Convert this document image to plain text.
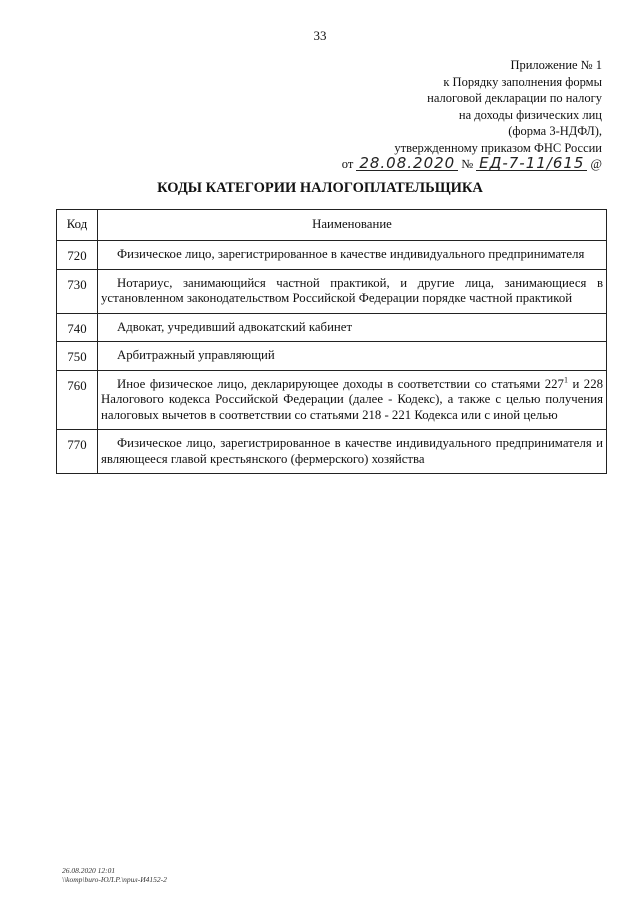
33
Приложение № 1
к Порядку заполнения формы
налоговой декларации по налогу
на доходы физических лиц
(форма 3-НДФЛ),
утвержденному приказом ФНС России
от 28.08.2020 № ЕД-7-11/615 @
КОДЫ КАТЕГОРИИ НАЛОГОПЛАТЕЛЬЩИКА
Код	Наименование
720	Физическое лицо, зарегистрированное в качестве индивидуального предпринимателя
730	Нотариус, занимающийся частной практикой, и другие лица, занимающиеся в установленном законодательством Российской Федерации порядке частной практикой
740	Адвокат, учредивший адвокатский кабинет
750	Арбитражный управляющий
760	Иное физическое лицо, декларирующее доходы в соответствии со статьями $227^1$ и 228 Налогового кодекса Российской Федерации (далее - Кодекс), а также с целью получения налоговых вычетов в соответствии со статьями 218 - 221 Кодекса или с иной целью
770	Физическое лицо, зарегистрированное в качестве индивидуального предпринимателя и являющееся главой крестьянского (фермерского) хозяйства
26.08.2020 12:01
\\komp\buro-ЮЛ.Р.\прил-И4152-2
